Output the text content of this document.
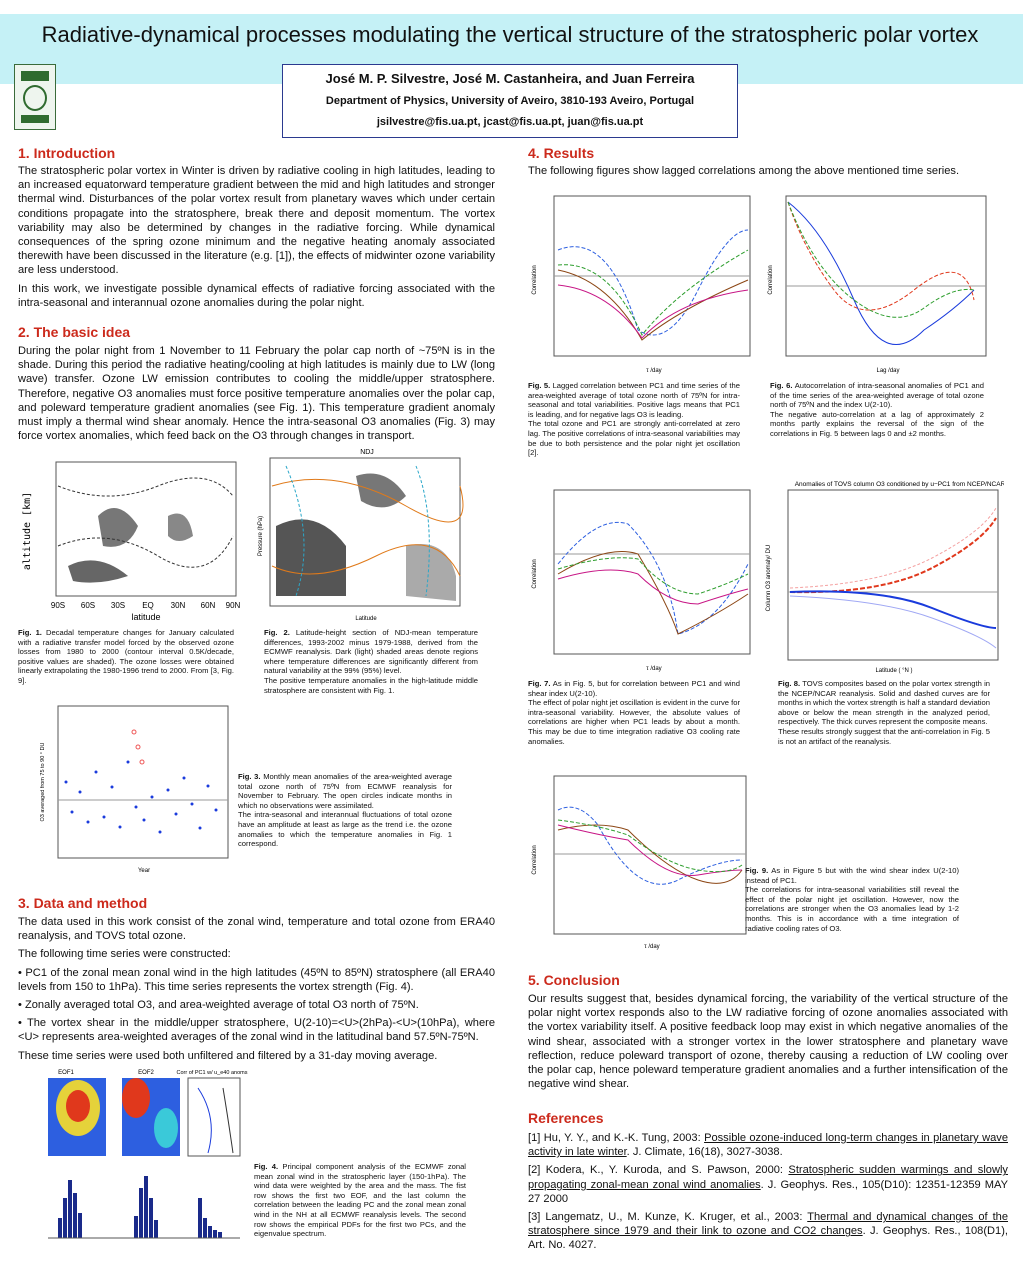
Radiative-dynamical processes modulating the vertical structure of the stratospheric polar vortex
José M. P. Silvestre, José M. Castanheira, and Juan Ferreira
Department of Physics, University of Aveiro, 3810-193 Aveiro, Portugal
jsilvestre@fis.ua.pt, jcast@fis.ua.pt, juan@fis.ua.pt
1. Introduction

The stratospheric polar vortex in Winter is driven by radiative cooling in high latitudes, leading to an increased equatorward temperature gradient between the mid and high latitudes and stronger thermal wind. Disturbances of the polar vortex result from planetary waves which under certain conditions propagate into the stratosphere, break there and deposit momentum. The vortex variability may also be determined by changes in the radiative forcing. While dynamical consequences of the spring ozone minimum and the negative heating anomaly associated therewith have been discussed in the literature (e.g. [1]), the effects of midwinter ozone variability are less understood.

In this work, we investigate possible dynamical effects of radiative forcing associated with the intra-seasonal and interannual ozone anomalies during the polar night.

2. The basic idea

During the polar night from 1 November to 11 February the polar cap north of ~75ºN is in the shade. During this period the radiative heating/cooling at high latitudes is mainly due to LW (long wave) transfer. Ozone LW emission contributes to cooling the middle/upper stratosphere. Therefore, negative O3 anomalies must force positive temperature anomalies over the polar cap, and poleward temperature gradient anomalies (see Fig. 1). This temperature gradient anomaly must imply a thermal wind shear anomaly. Hence the intra-seasonal O3 anomalies (Fig. 3) may force vortex anomalies, which feed back on the O3 through changes in transport.

altitude [km]
90S 60S 30S EQ 30N 60N 90N
latitude
Fig. 1. Decadal temperature changes for January calculated with a radiative transfer model forced by the observed ozone losses from 1980 to 2000 (contour interval 0.5K/decade, positive values are shaded). The ozone losses were obtained linearly extrapolating the 1980-1996 trend to 2000. From [3, Fig. 9].
NDJ
Pressure (hPa)
Latitude
Fig. 2. Latitude-height section of NDJ-mean temperature differences, 1993-2002 minus 1979-1988, derived from the ECMWF reanalysis. Dark (light) shaded areas denote regions where temperature differences are significantly different from natural variability at the 99% (95%) level.
The positive temperature anomalies in the high-latitude middle stratosphere are consistent with Fig. 1.
O3 averaged from 75 to 90 ° DU
Year
Fig. 3. Monthly mean anomalies of the area-weighted average total ozone north of 75ºN from ECMWF reanalysis for November to February. The open circles indicate months in which no observations were assimilated.
The intra-seasonal and interannual fluctuations of total ozone have an amplitude at least as large as the trend i.e. the ozone anomalies to which the temperature anomalies in Fig. 1 correspond.
3. Data and method

The data used in this work consist of the zonal wind, temperature and total ozone from ERA40 reanalysis, and TOVS total ozone.

The following time series were constructed:

• PC1 of the zonal mean zonal wind in the high latitudes (45ºN to 85ºN) stratosphere (all ERA40 levels from 150 to 1hPa). This time series represents the vortex strength (Fig. 4).

• Zonally averaged total O3, and area-weighted average of total O3 north of 75ºN.

• The vortex shear in the middle/upper stratosphere, U(2-10)=<U>(2hPa)-<U>(10hPa), where <U> represents area-weighted averages of the zonal wind in the latitudinal band 57.5ºN-75ºN.

These time series were used both unfiltered and filtered by a 31-day moving average.

EOF1	EOF2	Corr of PC1 w/ u_e40 anoms
Fig. 4. Principal component analysis of the ECMWF zonal mean zonal wind in the stratospheric layer (150-1hPa). The wind data were weighted by the area and the mass. The fist row shows the first two EOF, and the last column the correlation between the leading PC and the zonal mean zonal wind in the NH at all ECMWF reanalysis levels. The second row shows the empirical PDFs for the first two PCs, and the eigenvalue spectrum.
4. Results

The following figures show lagged correlations among the above mentioned time series.

Correlation
τ /day
Fig. 5. Lagged correlation between PC1 and time series of the area-weighted average of total ozone north of 75ºN for intra-seasonal and total variabilities. Positive lags means that PC1 is leading, and for negative lags O3 is leading.
The total ozone and PC1 are strongly anti-correlated at zero lag. The positive correlations of intra-seasonal variabilities may be due to both persistence and the polar night jet oscillation [2].
Correlation
Lag /day
Fig. 6. Autocorrelation of intra-seasonal anomalies of PC1 and of the time series of the area-weighted average of total ozone north of 75ºN and the index U(2-10).
The negative auto-correlation at a lag of approximately 2 months partly explains the reversal of the sign of the correlations in Fig. 5 between lags 0 and ±2 months.
Correlation
τ /day
Fig. 7. As in Fig. 5, but for correlation between PC1 and wind shear index U(2-10).
The effect of polar night jet oscillation is evident in the curve for intra-seasonal variability. However, the absolute values of correlations are higher when PC1 leads by about a month. This may be due to time integration radiative O3 cooling rate anomalies.
Anomalies of TOVS column O3 conditioned by u−PC1 from NCEP/NCAR
Column O3 anomaly/ DU
Latitude ( °N )
Fig. 8. TOVS composites based on the polar vortex strength in the NCEP/NCAR reanalysis. Solid and dashed curves are for months in which the vortex strength is half a standard deviation above or below the mean strength in the analyzed period, respectively. The thick curves represent the composite means.
These results strongly suggest that the anti-correlation in Fig. 5 is not an artifact of the reanalysis.
Correlation
τ /day
Fig. 9. As in Figure 5 but with the wind shear index U(2-10) instead of PC1.
The correlations for intra-seasonal variabilities still reveal the effect of the polar night jet oscillation. However, now the correlations are stronger when the O3 anomalies lead by 1-2 months. This is in accordance with a time integration of radiative cooling rates of O3.
5. Conclusion

Our results suggest that, besides dynamical forcing, the variability of the vertical structure of the polar night vortex responds also to the LW radiative forcing of ozone anomalies associated with the vortex variability itself. A positive feedback loop may exist in which negative anomalies of the wind shear, associated with a stronger vortex in the lower stratosphere and planetary wave reflection, reduce poleward transport of ozone, thereby causing a reduction of LW cooling over the polar cap, hence poleward temperature gradient anomalies and a further intensification of the negative wind shear.

References

[1] Hu, Y. Y., and K.-K. Tung, 2003: Possible ozone-induced long-term changes in planetary wave activity in late winter. J. Climate, 16(18), 3027-3038.

[2] Kodera, K., Y. Kuroda, and S. Pawson, 2000: Stratospheric sudden warmings and slowly propagating zonal-mean zonal wind anomalies. J. Geophys. Res., 105(D10): 12351-12359 MAY 27 2000

[3] Langematz, U., M. Kunze, K. Kruger, et al., 2003: Thermal and dynamical changes of the stratosphere since 1979 and their link to ozone and CO2 changes. J. Geophys. Res., 108(D1), Art. No. 4027.
